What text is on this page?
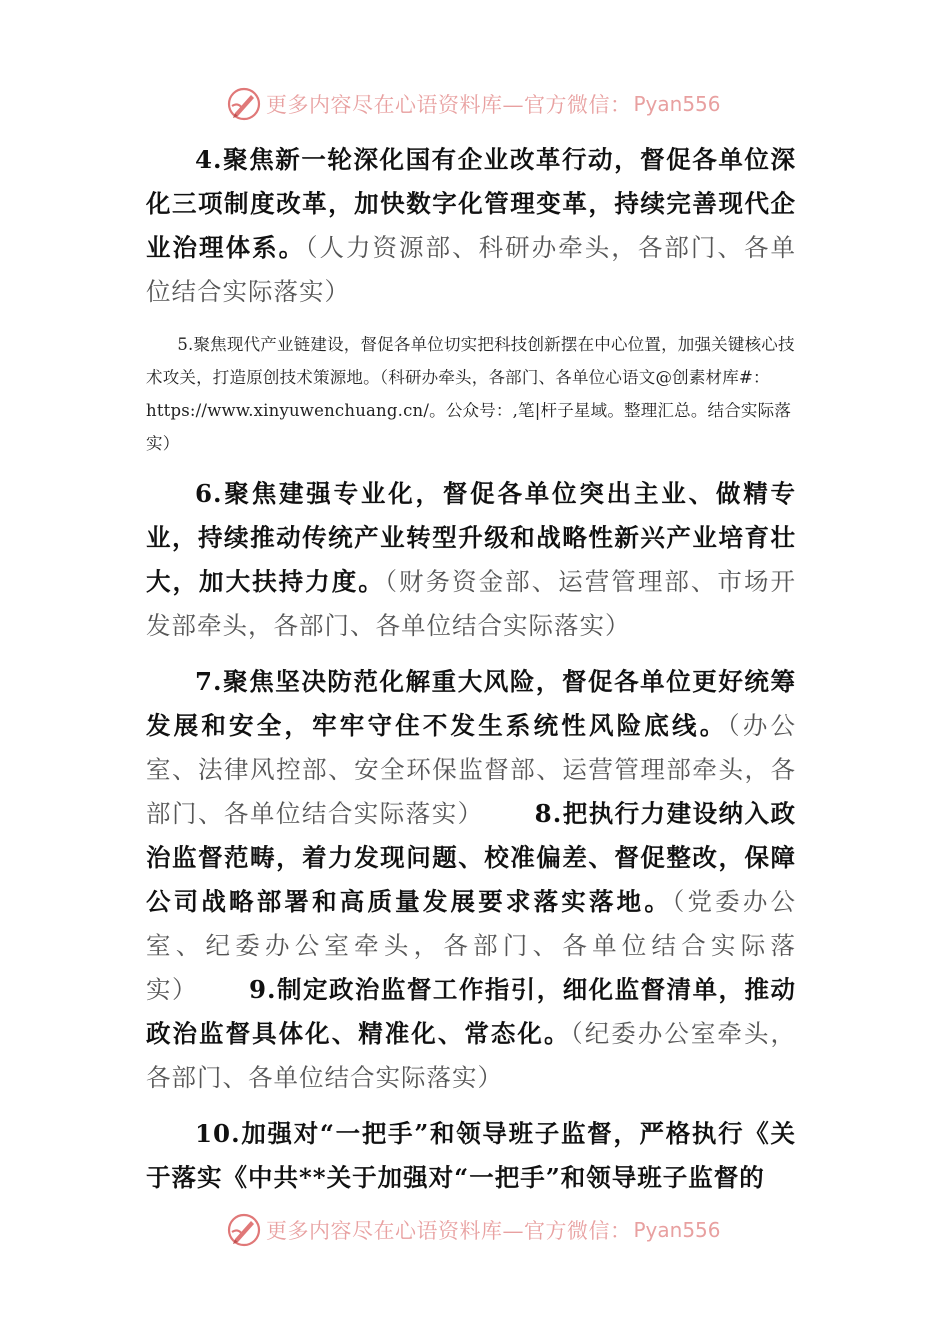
更多内容尽在心语资料库—官方微信： Pyan556

4.聚焦新一轮深化国有企业改革行动，督促各单位深化三项制度改革，加快数字化管理变革，持续完善现代企业治理体系。（人力资源部、科研办牵头，各部门、各单位结合实际落实）

5.聚焦现代产业链建设，督促各单位切实把科技创新摆在中心位置，加强关键核心技术攻关，打造原创技术策源地。（科研办牵头，各部门、各单位心语文@创素材库#：https://www.xinyuwenchuang.cn/。公众号：,笔|杆子星域。整理汇总。结合实际落实）

6.聚焦建强专业化，督促各单位突出主业、做精专业，持续推动传统产业转型升级和战略性新兴产业培育壮大，加大扶持力度。（财务资金部、运营管理部、市场开发部牵头，各部门、各单位结合实际落实）

7.聚焦坚决防范化解重大风险，督促各单位更好统筹发展和安全，牢牢守住不发生系统性风险底线。（办公室、法律风控部、安全环保监督部、运营管理部牵头，各部门、各单位结合实际落实）   8.把执行力建设纳入政治监督范畴，着力发现问题、校准偏差、督促整改，保障公司战略部署和高质量发展要求落实落地。（党委办公室、纪委办公室牵头，各部门、各单位结合实际落实）   9.制定政治监督工作指引，细化监督清单，推动政治监督具体化、精准化、常态化。（纪委办公室牵头，各部门、各单位结合实际落实）

10.加强对“一把手”和领导班子监督，严格执行《关于落实《中共**关于加强对“一把手”和领导班子监督的

更多内容尽在心语资料库—官方微信： Pyan556
